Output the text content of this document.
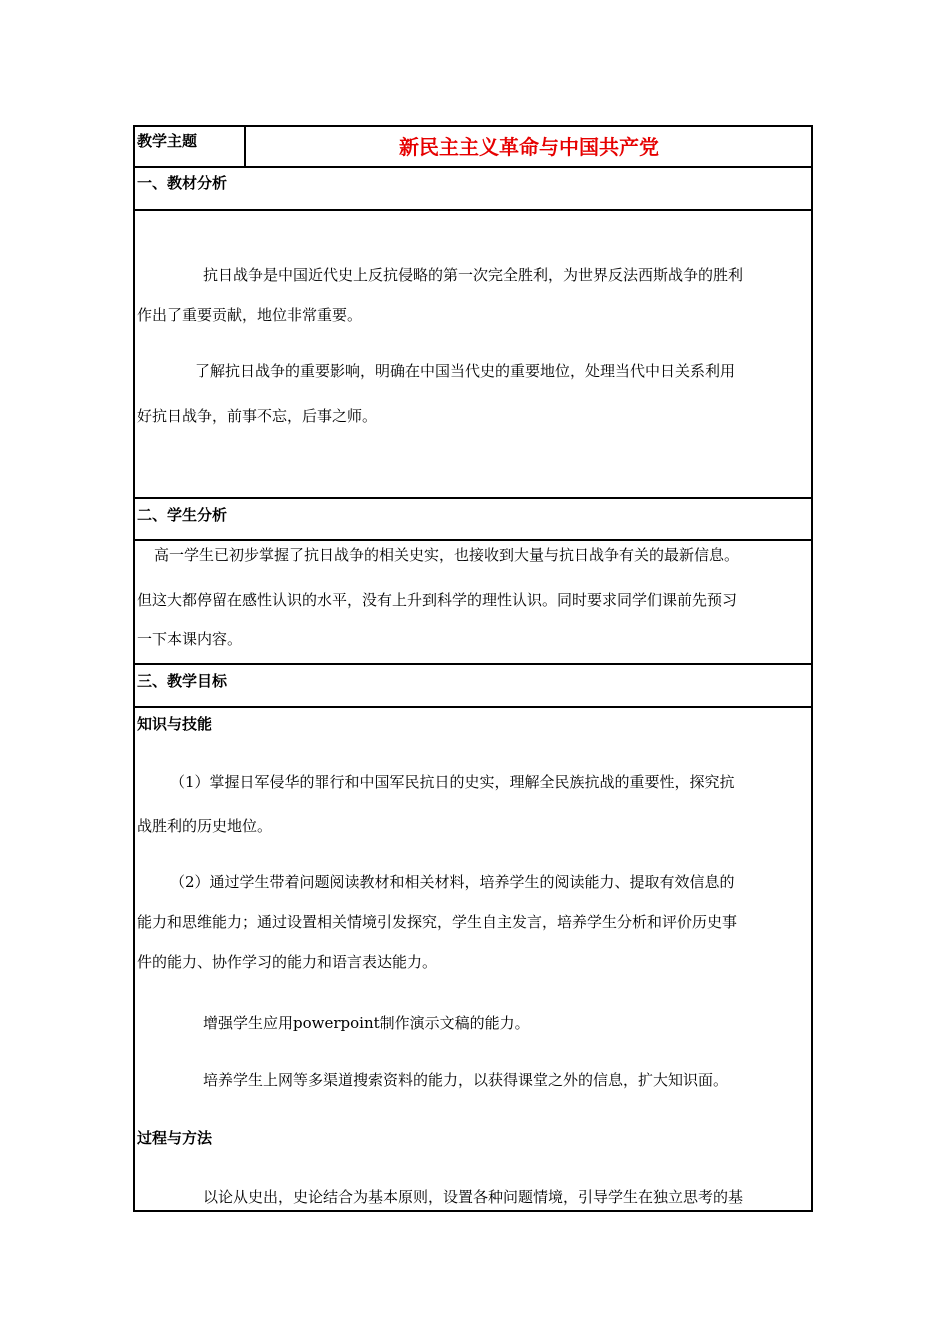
教学主题	新民主主义革命与中国共产党
一、教材分析
抗日战争是中国近代史上反抗侵略的第一次完全胜利，为世界反法西斯战争的胜利
作出了重要贡献，地位非常重要。
了解抗日战争的重要影响，明确在中国当代史的重要地位，处理当代中日关系利用
好抗日战争，前事不忘，后事之师。
二、学生分析
高一学生已初步掌握了抗日战争的相关史实，也接收到大量与抗日战争有关的最新信息。
但这大都停留在感性认识的水平，没有上升到科学的理性认识。同时要求同学们课前先预习
一下本课内容。
三、教学目标
知识与技能
（1）掌握日军侵华的罪行和中国军民抗日的史实，理解全民族抗战的重要性，探究抗
战胜利的历史地位。
（2）通过学生带着问题阅读教材和相关材料，培养学生的阅读能力、提取有效信息的
能力和思维能力；通过设置相关情境引发探究，学生自主发言，培养学生分析和评价历史事
件的能力、协作学习的能力和语言表达能力。
增强学生应用powerpoint制作演示文稿的能力。
培养学生上网等多渠道搜索资料的能力，以获得课堂之外的信息，扩大知识面。
过程与方法
以论从史出，史论结合为基本原则，设置各种问题情境，引导学生在独立思考的基
